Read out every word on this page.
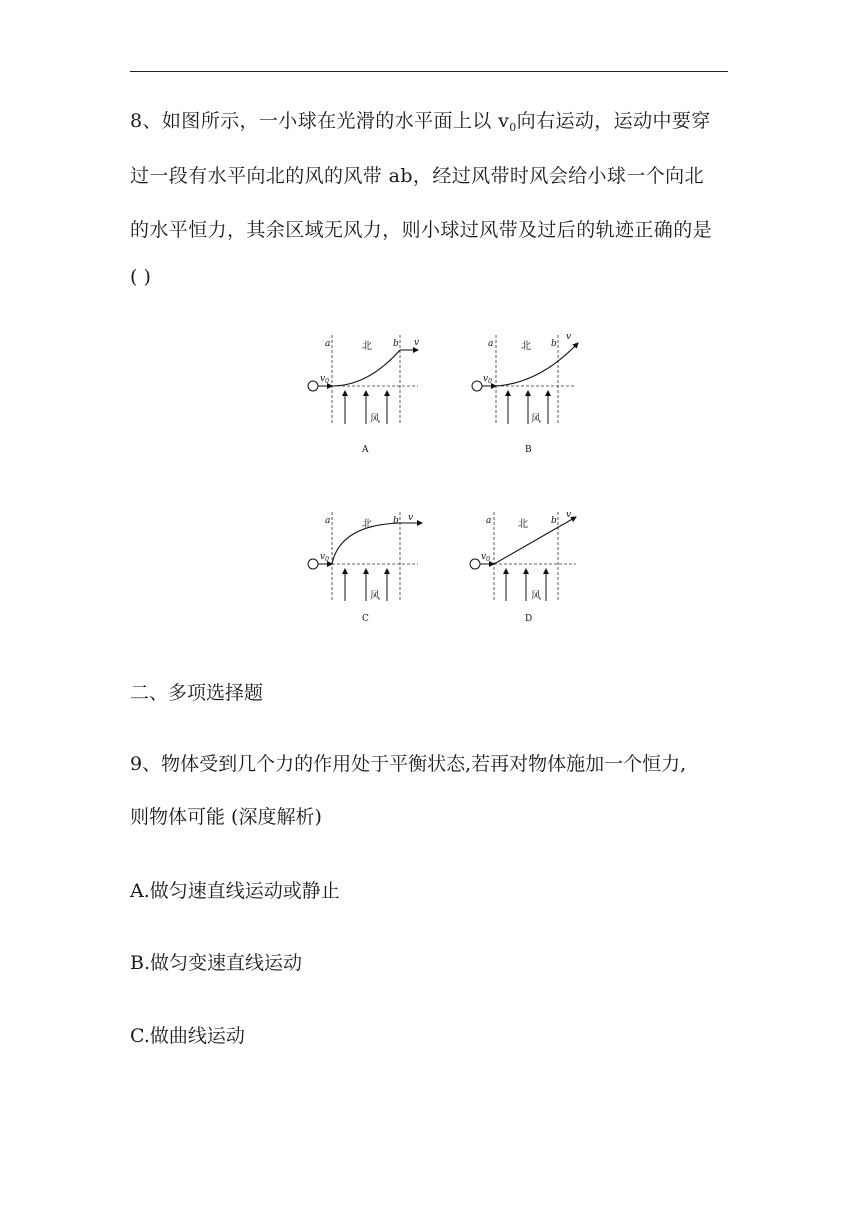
8、如图所示，一小球在光滑的水平面上以 $v_0$向右运动，运动中要穿
过一段有水平向北的风的风带 ab，经过风带时风会给小球一个向北
的水平恒力，其余区域无风力，则小球过风带及过后的轨迹正确的是
( )
a	b
北	v
$v_0$
风
A
a	b
北
v
$v_0$
风
B
a	b
北
v
$v_0$
风
C
a	b
北
v
$v_0$
风
D
二、多项选择题
9、物体受到几个力的作用处于平衡状态,若再对物体施加一个恒力,
则物体可能 (深度解析)
A.做匀速直线运动或静止
B.做匀变速直线运动
C.做曲线运动
